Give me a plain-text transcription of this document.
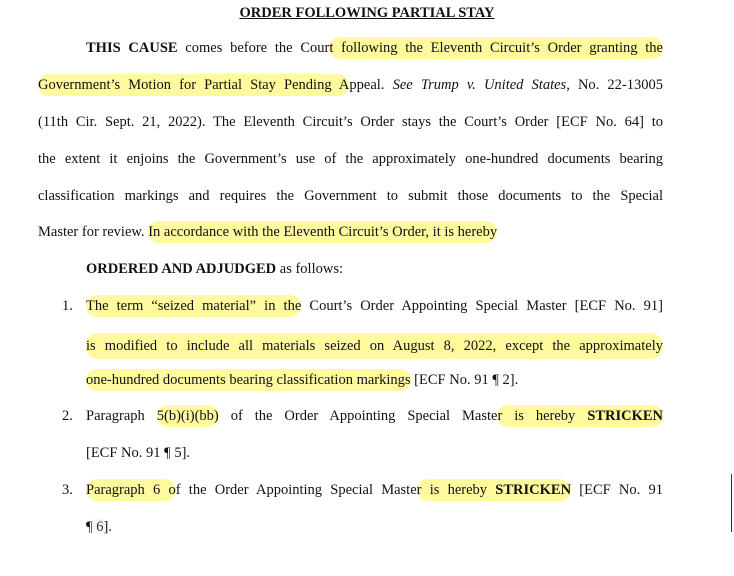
ORDER FOLLOWING PARTIAL STAY
THIS CAUSE comes before the Court following the Eleventh Circuit’s Order granting the
Government’s Motion for Partial Stay Pending Appeal. See Trump v. United States, No. 22-13005
(11th Cir. Sept. 21, 2022). The Eleventh Circuit’s Order stays the Court’s Order [ECF No. 64] to
the extent it enjoins the Government’s use of the approximately one-hundred documents bearing
classification markings and requires the Government to submit those documents to the Special
Master for review. In accordance with the Eleventh Circuit’s Order, it is hereby
ORDERED AND ADJUDGED as follows:
1. The term “seized material” in the Court’s Order Appointing Special Master [ECF No. 91]
is modified to include all materials seized on August 8, 2022, except the approximately
one-hundred documents bearing classification markings [ECF No. 91 ¶ 2].
2. Paragraph 5(b)(i)(bb) of the Order Appointing Special Master is hereby STRICKEN
[ECF No. 91 ¶ 5].
3. Paragraph 6 of the Order Appointing Special Master is hereby STRICKEN [ECF No. 91
¶ 6].
